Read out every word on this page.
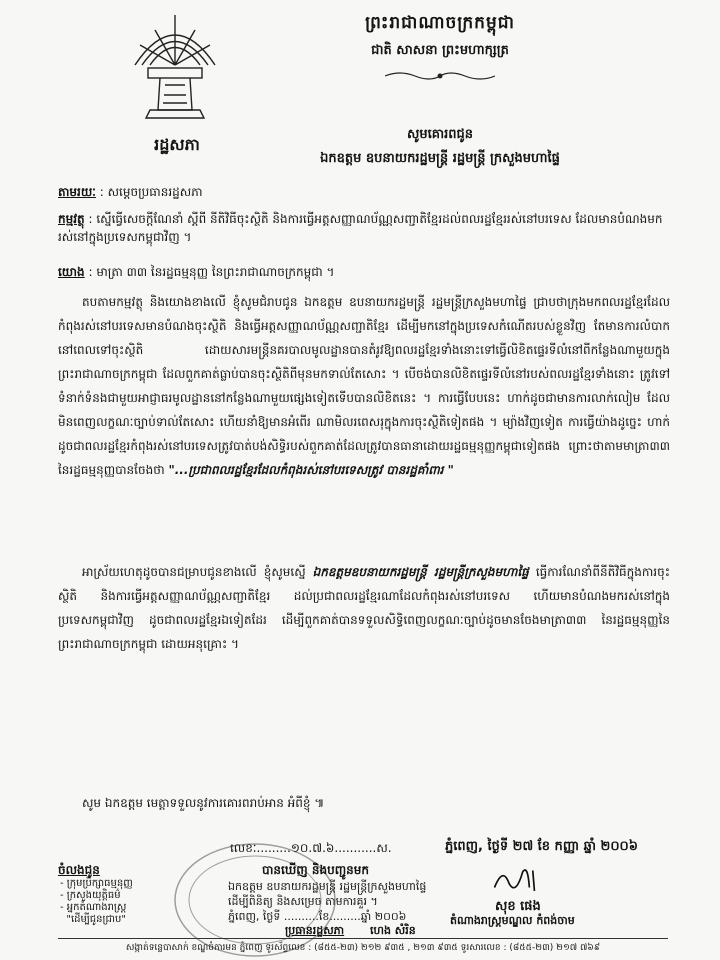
រដ្ឋសភា
ព្រះរាជាណាចក្រកម្ពុជា
ជាតិ សាសនា ព្រះមហាក្សត្រ
សូមគោរពជូន
ឯកឧត្តម ឧបនាយករដ្ឋមន្ត្រី រដ្ឋមន្ត្រី ក្រសួងមហាផ្ទៃ
តាមរយៈ : សម្តេចប្រធានរដ្ឋសភា
កម្មវត្ថុ : ស្នើធ្វើសេចក្តីណែនាំ ស្តីពី នីតិវិធីចុះស្ថិតិ និងការធ្វើអត្តសញ្ញាណប័ណ្ណសញ្ជាតិខ្មែរដល់ពលរដ្ឋខ្មែររស់នៅបរទេស ដែលមានបំណងមករស់នៅក្នុងប្រទេសកម្ពុជាវិញ ។
យោង : មាត្រា ៣៣ នៃរដ្ឋធម្មនុញ្ញ នៃព្រះរាជាណាចក្រកម្ពុជា ។
តបតាមកម្មវត្ថុ និងយោងខាងលើ ខ្ញុំសូមជំរាបជូន ឯកឧត្តម ឧបនាយករដ្ឋមន្ត្រី រដ្ឋមន្ត្រីក្រសួងមហាផ្ទៃ ជ្រាបថាក្រុងមកពលរដ្ឋខ្មែរដែលកំពុងរស់នៅបរទេសមានបំណងចុះស្ថិតិ និងធ្វើអត្តសញ្ញាណប័ណ្ណសញ្ជាតិខ្មែរ ដើម្បីមកនៅក្នុងប្រទេសកំណើតរបស់ខ្លួនវិញ តែមានការលំបាកនៅពេលទៅចុះស្ថិតិ ដោយសារមន្ត្រីនគរបាលមូលដ្ឋានបានតំរូវឱ្យពលរដ្ឋខ្មែរទាំងនោះទៅធ្វើលិខិតផ្ទេរទីលំនៅពីកន្លែងណាមួយក្នុងព្រះរាជាណាចក្រកម្ពុជា ដែលពួកគាត់ធ្លាប់បានចុះស្ថិតិពីមុនមកទាល់តែសោះ ។ បើចង់បានលិខិតផ្ទេរទីលំនៅរបស់ពលរដ្ឋខ្មែរទាំងនោះ ត្រូវទៅទំនាក់ទំនងជាមួយអាជ្ញាធរមូលដ្ឋាននៅកន្លែងណាមួយផ្សេងទៀតទើបបានលិខិតនេះ ។ ការធ្វើបែបនេះ ហាក់ដូចជាមានការលាក់លៀម ដែលមិនពេញលក្ខណៈច្បាប់ទាល់តែសោះ ហើយនាំឱ្យមានអំពើរ ណាមិលរពេសរុក្នុងការចុះស្ថិតិទៀតផង ។ ម្យ៉ាងវិញទៀត ការធ្វើយ៉ាងដូច្នេះ ហាក់ដូចជាពលរដ្ឋខ្មែរកំពុងរស់នៅបរទេសត្រូវបាត់បង់សិទ្ធិរបស់ពួកគាត់ដែលត្រូវបានធានាដោយរដ្ឋធម្មនុញ្ញកម្ពុជាទៀតផង ព្រោះថាតាមមាត្រា៣៣ នៃរដ្ឋធម្មនុញ្ញបានចែងថា "...ប្រជាពលរដ្ឋខ្មែរដែលកំពុងរស់នៅបរទេសត្រូវ បានរដ្ឋគាំពារ "
អាស្រ័យហេតុដូចបានជម្រាបជូនខាងលើ ខ្ញុំសូមស្នើ ឯកឧត្តមឧបនាយករដ្ឋមន្ត្រី រដ្ឋមន្ត្រីក្រសួងមហាផ្ទៃ ធ្វើការណែនាំពីនីតិវិធីក្នុងការចុះស្ថិតិ និងការធ្វើអត្តសញ្ញាណប័ណ្ណសញ្ជាតិខ្មែរ ដល់ប្រជាពលរដ្ឋខ្មែរណាដែលកំពុងរស់នៅបរទេស ហើយមានបំណងមករស់នៅក្នុងប្រទេសកម្ពុជាវិញ ដូចជាពលរដ្ឋខ្មែរឯទៀតដែរ ដើម្បីពួកគាត់បានទទួលសិទ្ធិពេញលក្ខណៈច្បាប់ដូចមានចែងមាត្រា៣៣ នៃរដ្ឋធម្មនុញ្ញនៃព្រះរាជាណាចក្រកម្ពុជា ដោយអនុគ្រោះ ។
សូម ឯកឧត្តម មេត្តាទទួលនូវការគោរពរាប់អាន អំពីខ្ញុំ ៕
លេខៈ.........១០.៧.៦...........ស.	ភ្នំពេញ, ថ្ងៃទី ២៧ ខែ កញ្ញា ឆ្នាំ ២០០៦
បានឃើញ និងបញ្ជូនមក
ឯកឧត្តម ឧបនាយករដ្ឋមន្ត្រី រដ្ឋមន្ត្រីក្រសួងមហាផ្ទៃ
ដើម្បីពិនិត្យ និងសម្រេច តាមការគួរ ។
ភ្នំពេញ, ថ្ងៃទី ..........ខែ.........ឆ្នាំ ២០០៦
សុខ ផេង
តំណាងរាស្ត្រមណ្ឌល កំពង់ចាម
ចំលងជូន
- ក្រុមប្រឹក្សាធម្មនុញ្ញ
- ក្រសួងយុត្តិធម៌
- អ្នកតំណាងរាស្ត្រ
"ដើម្បីជូនជ្រាប"
ប្រធានរដ្ឋសភា ហេង សំរិន
សង្កាត់ទន្លេបាសាក់ ខណ្ឌចំការមន ភ្នំពេញ ទូរស័ព្ទលេខ : (៨៥៥-២៣) ២១២ ៩៣៥ , ២១៣ ៩៣៥ ទូរសារលេខ : (៨៥៥-២៣) ២១៧ ៧៦៩
